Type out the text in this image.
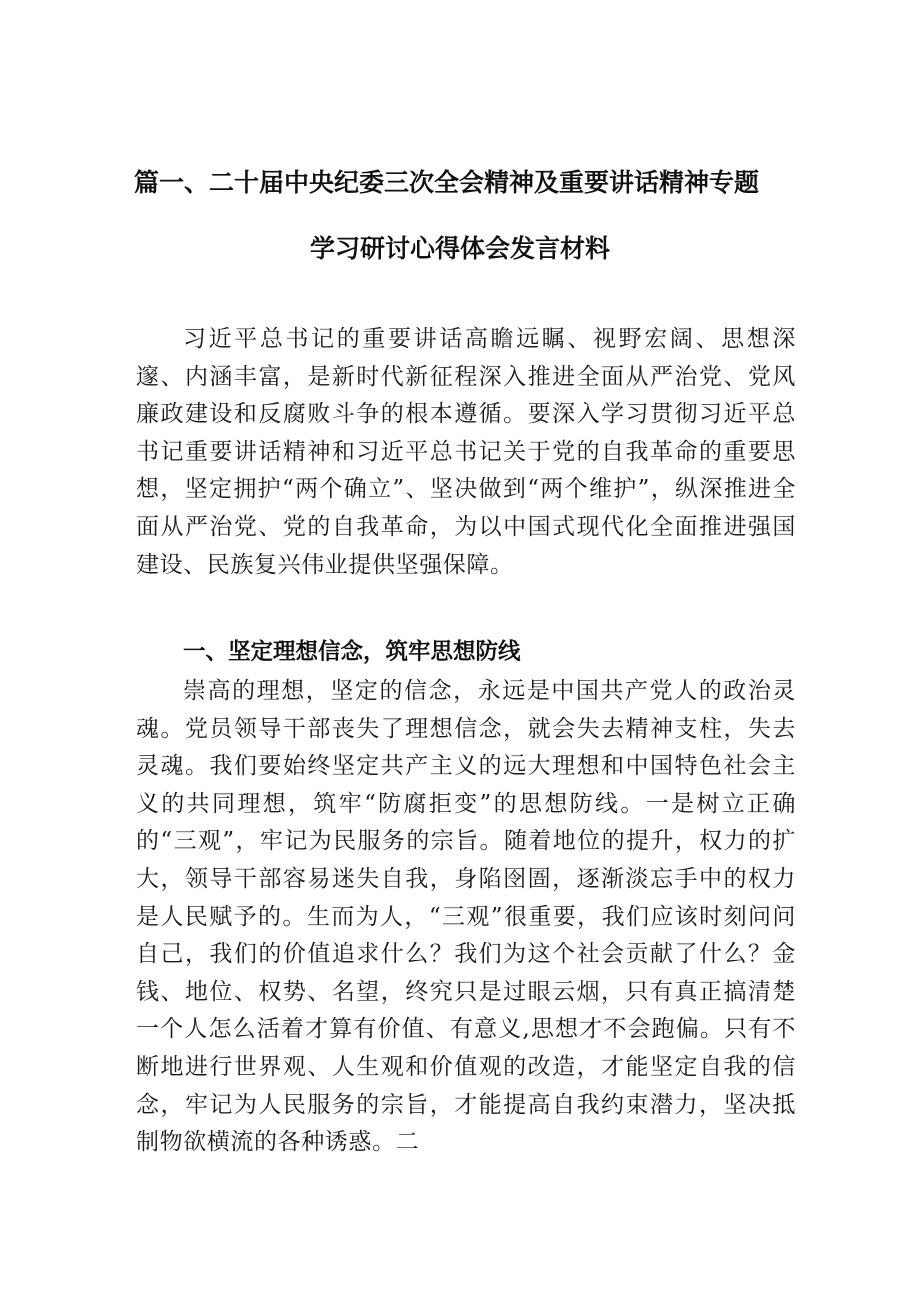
篇一、二十届中央纪委三次全会精神及重要讲话精神专题
学习研讨心得体会发言材料
习近平总书记的重要讲话高瞻远瞩、视野宏阔、思想深邃、内涵丰富，是新时代新征程深入推进全面从严治党、党风廉政建设和反腐败斗争的根本遵循。要深入学习贯彻习近平总书记重要讲话精神和习近平总书记关于党的自我革命的重要思想，坚定拥护“两个确立”、坚决做到“两个维护”，纵深推进全面从严治党、党的自我革命，为以中国式现代化全面推进强国建设、民族复兴伟业提供坚强保障。
一、坚定理想信念，筑牢思想防线
崇高的理想，坚定的信念，永远是中国共产党人的政治灵魂。党员领导干部丧失了理想信念，就会失去精神支柱，失去灵魂。我们要始终坚定共产主义的远大理想和中国特色社会主义的共同理想，筑牢“防腐拒变”的思想防线。一是树立正确的“三观”，牢记为民服务的宗旨。随着地位的提升，权力的扩大，领导干部容易迷失自我，身陷囹圄，逐渐淡忘手中的权力是人民赋予的。生而为人，“三观”很重要，我们应该时刻问问自己，我们的价值追求什么？我们为这个社会贡献了什么？金钱、地位、权势、名望，终究只是过眼云烟，只有真正搞清楚一个人怎么活着才算有价值、有意义,思想才不会跑偏。只有不断地进行世界观、人生观和价值观的改造，才能坚定自我的信念，牢记为人民服务的宗旨，才能提高自我约束潜力，坚决抵制物欲横流的各种诱惑。二
